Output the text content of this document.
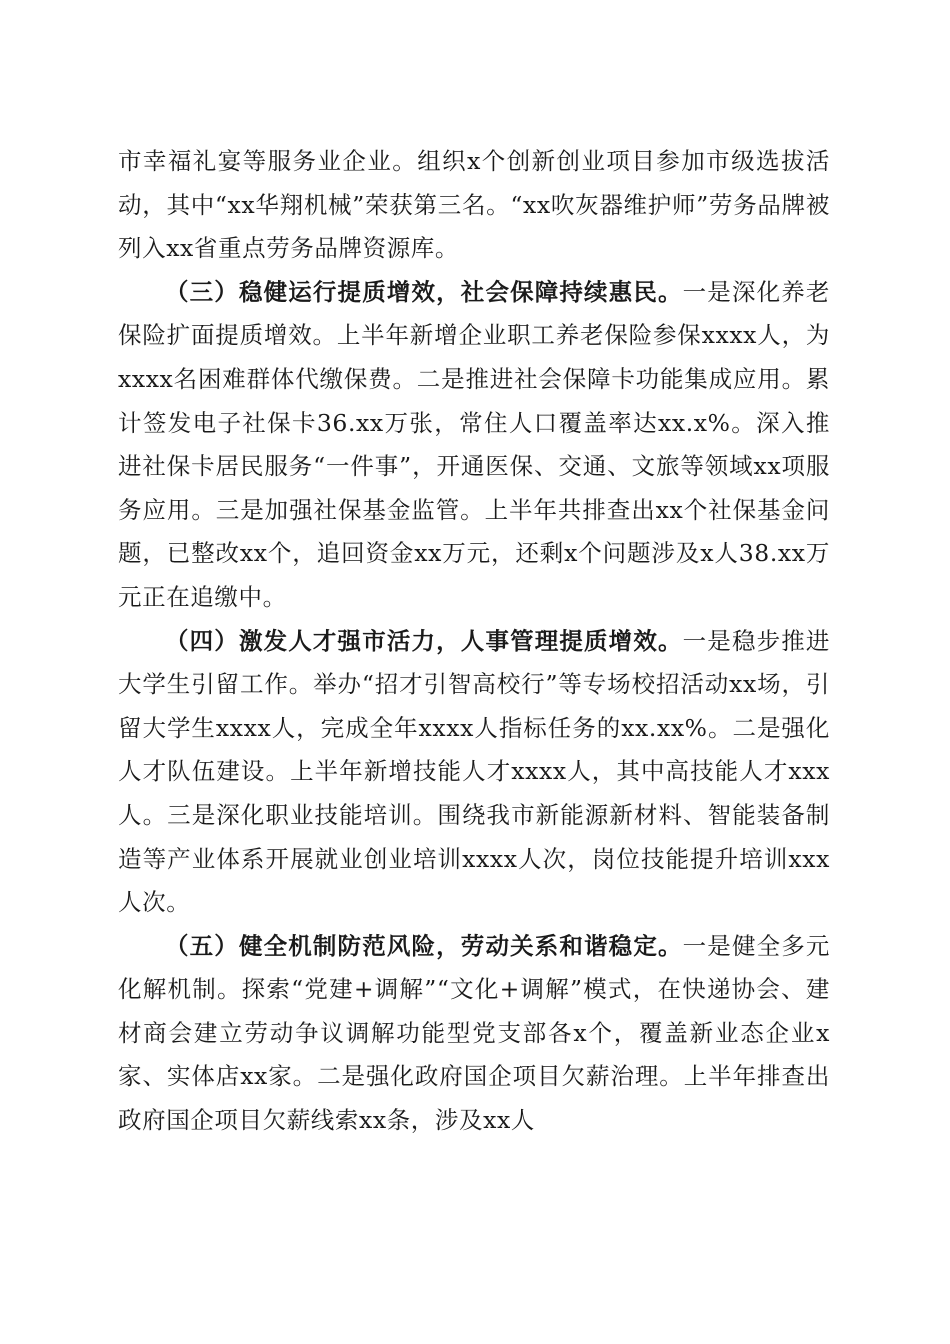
市幸福礼宴等服务业企业。组织x个创新创业项目参加市级选拔活动，其中“xx华翔机械”荣获第三名。“xx吹灰器维护师”劳务品牌被列入xx省重点劳务品牌资源库。

（三）稳健运行提质增效，社会保障持续惠民。一是深化养老保险扩面提质增效。上半年新增企业职工养老保险参保xxxx人，为xxxx名困难群体代缴保费。二是推进社会保障卡功能集成应用。累计签发电子社保卡36.xx万张，常住人口覆盖率达xx.x%。深入推进社保卡居民服务“一件事”，开通医保、交通、文旅等领域xx项服务应用。三是加强社保基金监管。上半年共排查出xx个社保基金问题，已整改xx个，追回资金xx万元，还剩x个问题涉及x人38.xx万元正在追缴中。

（四）激发人才强市活力，人事管理提质增效。一是稳步推进大学生引留工作。举办“招才引智高校行”等专场校招活动xx场，引留大学生xxxx人，完成全年xxxx人指标任务的xx.xx%。二是强化人才队伍建设。上半年新增技能人才xxxx人，其中高技能人才xxx人。三是深化职业技能培训。围绕我市新能源新材料、智能装备制造等产业体系开展就业创业培训xxxx人次，岗位技能提升培训xxx人次。

（五）健全机制防范风险，劳动关系和谐稳定。一是健全多元化解机制。探索“党建+调解”“文化+调解”模式，在快递协会、建材商会建立劳动争议调解功能型党支部各x个，覆盖新业态企业x家、实体店xx家。二是强化政府国企项目欠薪治理。上半年排查出政府国企项目欠薪线索xx条，涉及xx人
